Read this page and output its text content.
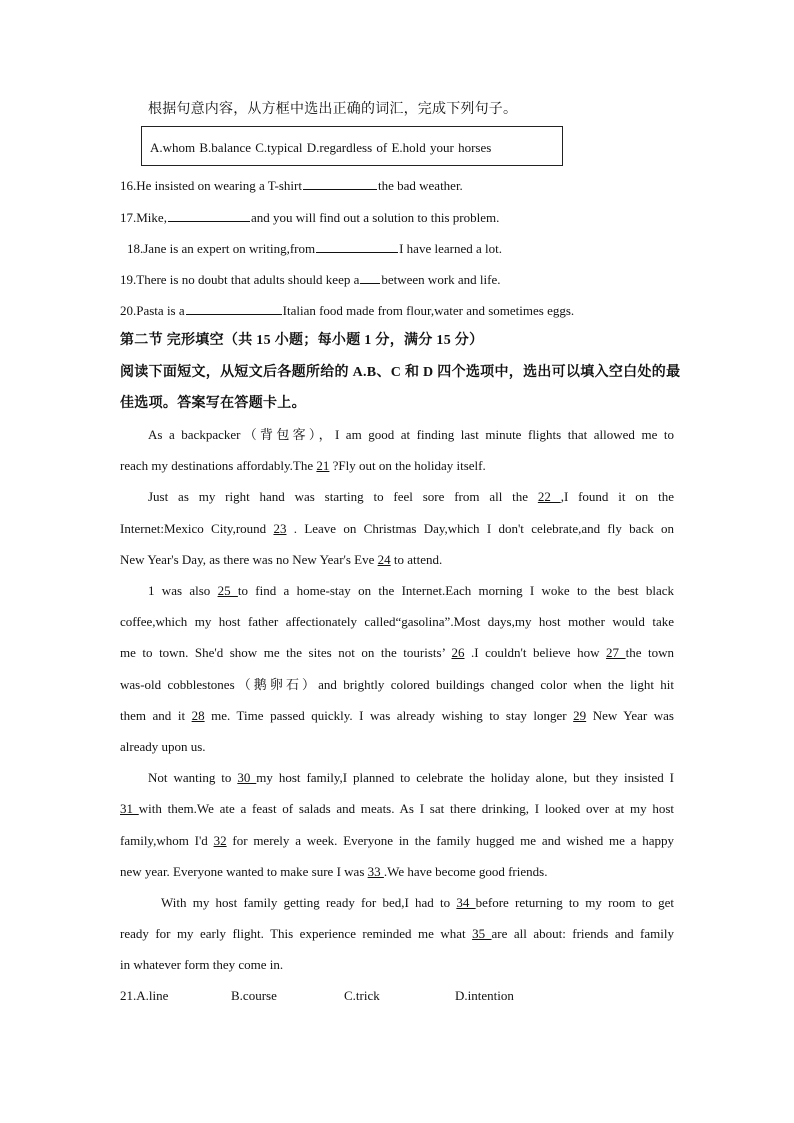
根据句意内容，从方框中选出正确的词汇，完成下列句子。
A.whom B.balance C.typical D.regardless of E.hold your horses
16.He insisted on wearing a T-shirt	the bad weather.
17.Mike,	and you will find out a solution to this problem.
18.Jane is an expert on writing,from	I have learned a lot.
19.There is no doubt that adults should keep a between work and life.
20.Pasta is a	Italian food made from flour,water and sometimes eggs.
第二节 完形填空（共 15 小题；每小题 1 分，满分 15 分）
阅读下面短文，从短文后各题所给的 A.B、C 和 D 四个选项中，选出可以填入空白处的最
佳选项。答案写在答题卡上。
As a backpacker（背包客），I am good at finding last minute flights that allowed me to
reach my destinations affordably.The 21 ?Fly out on the holiday itself.
Just as my right hand was starting to feel sore from all the 22 ,I found it on the
Internet:Mexico City,round 23 . Leave on Christmas Day,which I don't celebrate,and fly back on
New Year's Day, as there was no New Year's Eve 24 to attend.
1 was also 25 to find a home-stay on the Internet.Each morning I woke to the best black
coffee,which my host father affectionately called“gasolina”.Most days,my host mother would take
me to town. She'd show me the sites not on the tourists’ 26 .I couldn't believe how 27 the town
was-old cobblestones（鹅卵石）and brightly colored buildings changed color when the light hit
them and it 28 me. Time passed quickly. I was already wishing to stay longer 29 New Year was
already upon us.
Not wanting to 30 my host family,I planned to celebrate the holiday alone, but they insisted I
31 with them.We ate a feast of salads and meats. As I sat there drinking, I looked over at my host
family,whom I'd 32 for merely a week. Everyone in the family hugged me and wished me a happy
new year. Everyone wanted to make sure I was 33 .We have become good friends.
With my host family getting ready for bed,I had to 34 before returning to my room to get
ready for my early flight. This experience reminded me what 35 are all about: friends and family
in whatever form they come in.
21.A.line	B.course	C.trick	D.intention
